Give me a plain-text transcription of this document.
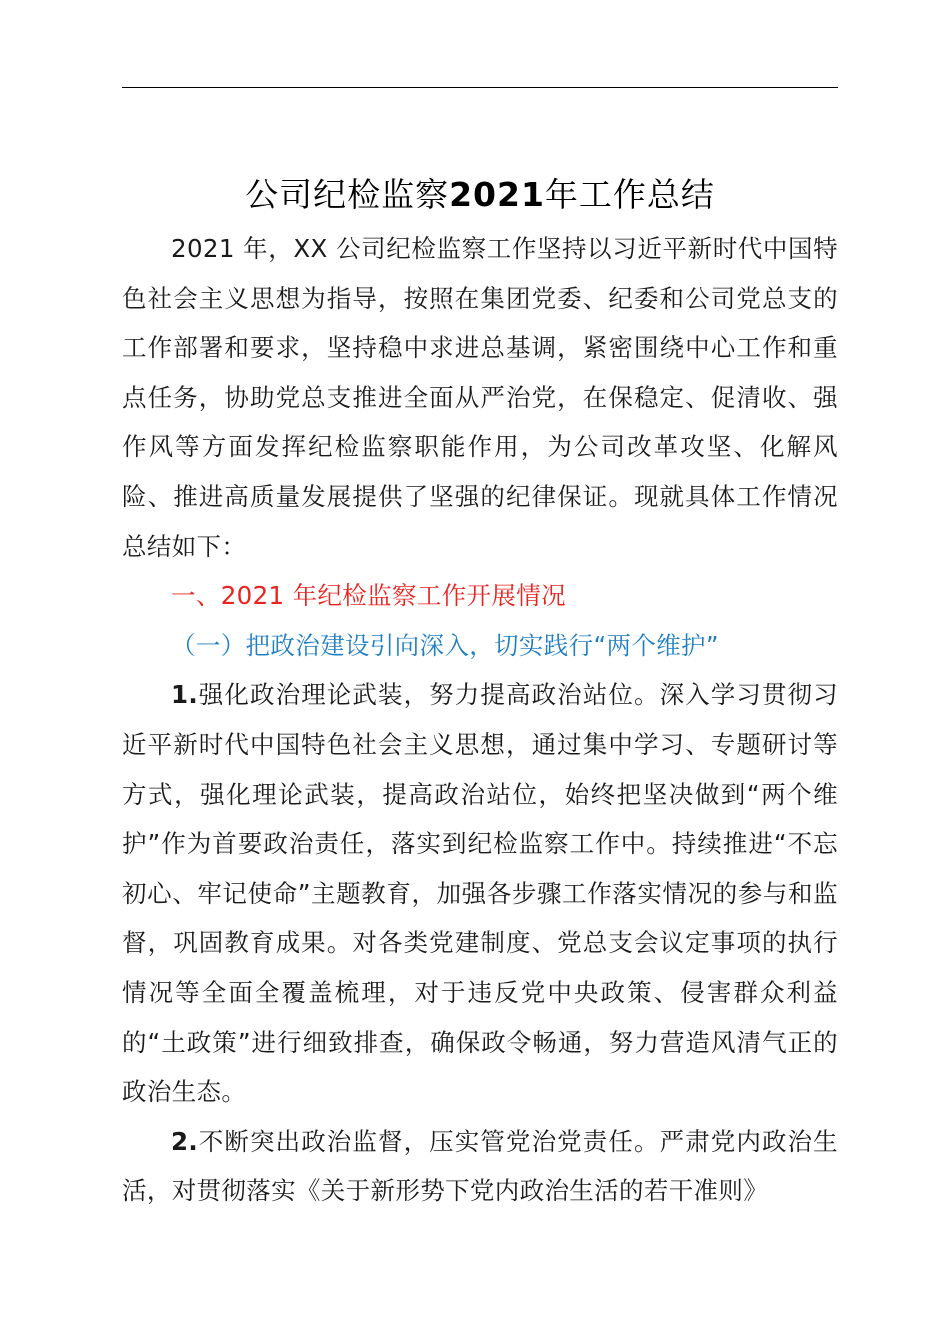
公司纪检监察2021年工作总结

2021 年，XX 公司纪检监察工作坚持以习近平新时代中国特色社会主义思想为指导，按照在集团党委、纪委和公司党总支的工作部署和要求，坚持稳中求进总基调，紧密围绕中心工作和重点任务，协助党总支推进全面从严治党，在保稳定、促清收、强作风等方面发挥纪检监察职能作用，为公司改革攻坚、化解风险、推进高质量发展提供了坚强的纪律保证。现就具体工作情况总结如下：

一、2021 年纪检监察工作开展情况

（一）把政治建设引向深入，切实践行“两个维护”

1.强化政治理论武装，努力提高政治站位。深入学习贯彻习近平新时代中国特色社会主义思想，通过集中学习、专题研讨等方式，强化理论武装，提高政治站位，始终把坚决做到“两个维护”作为首要政治责任，落实到纪检监察工作中。持续推进“不忘初心、牢记使命”主题教育，加强各步骤工作落实情况的参与和监督，巩固教育成果。对各类党建制度、党总支会议定事项的执行情况等全面全覆盖梳理，对于违反党中央政策、侵害群众利益的“土政策”进行细致排查，确保政令畅通，努力营造风清气正的政治生态。

2.不断突出政治监督，压实管党治党责任。严肃党内政治生活，对贯彻落实《关于新形势下党内政治生活的若干准则》
